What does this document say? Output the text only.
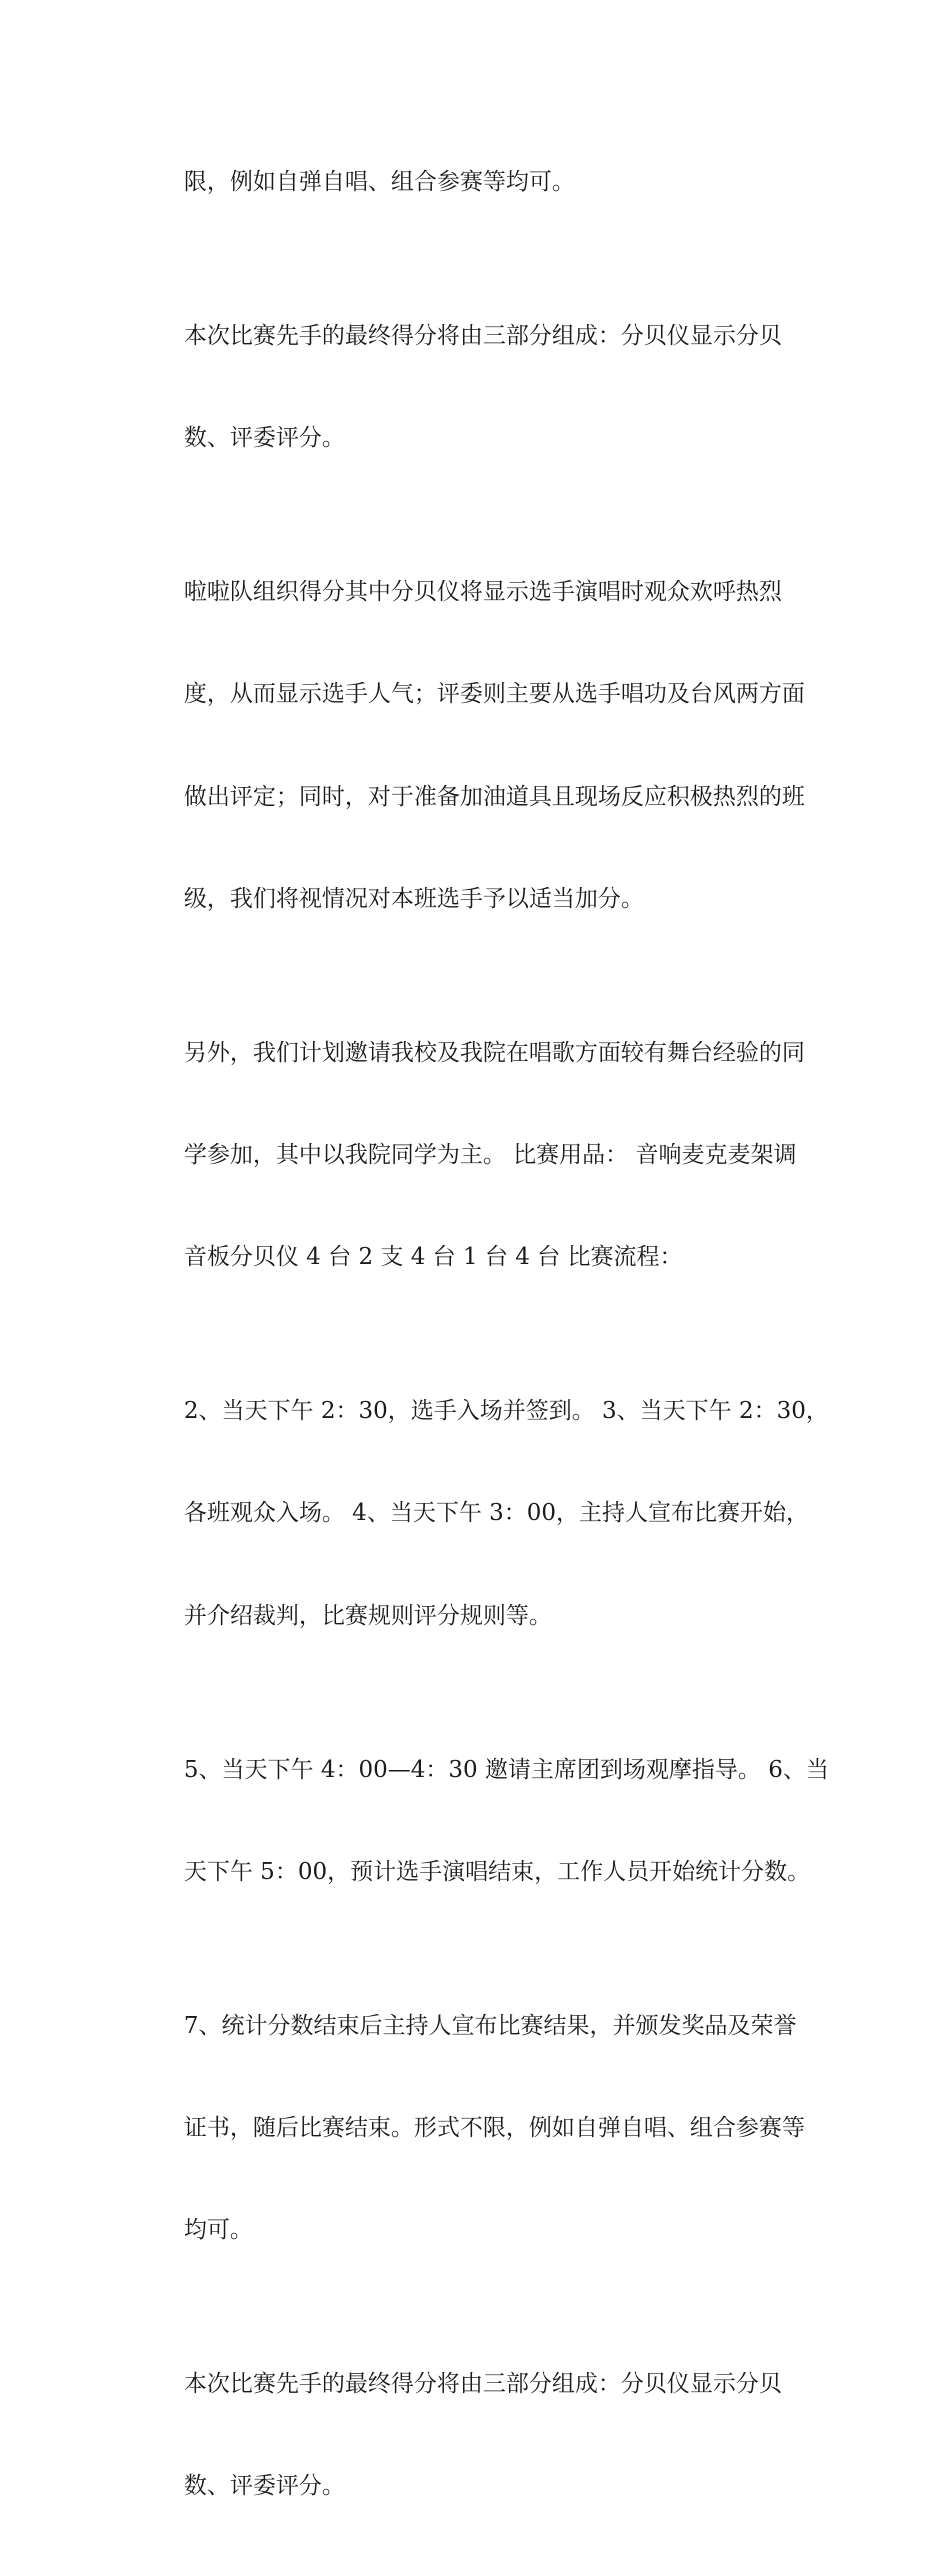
限，例如自弹自唱、组合参赛等均可。

本次比赛先手的最终得分将由三部分组成：分贝仪显示分贝

数、评委评分。

啦啦队组织得分其中分贝仪将显示选手演唱时观众欢呼热烈

度，从而显示选手人气；评委则主要从选手唱功及台风两方面

做出评定；同时，对于准备加油道具且现场反应积极热烈的班

级，我们将视情况对本班选手予以适当加分。

另外，我们计划邀请我校及我院在唱歌方面较有舞台经验的同

学参加，其中以我院同学为主。 比赛用品： 音响麦克麦架调

音板分贝仪 4 台 2 支 4 台 1 台 4 台 比赛流程：

2、当天下午 2：30，选手入场并签到。 3、当天下午 2：30，

各班观众入场。 4、当天下午 3：00，主持人宣布比赛开始，

并介绍裁判，比赛规则评分规则等。

5、当天下午 4：00—4：30 邀请主席团到场观摩指导。 6、当

天下午 5：00，预计选手演唱结束，工作人员开始统计分数。

7、统计分数结束后主持人宣布比赛结果，并颁发奖品及荣誉

证书，随后比赛结束。形式不限，例如自弹自唱、组合参赛等

均可。

本次比赛先手的最终得分将由三部分组成：分贝仪显示分贝

数、评委评分。
